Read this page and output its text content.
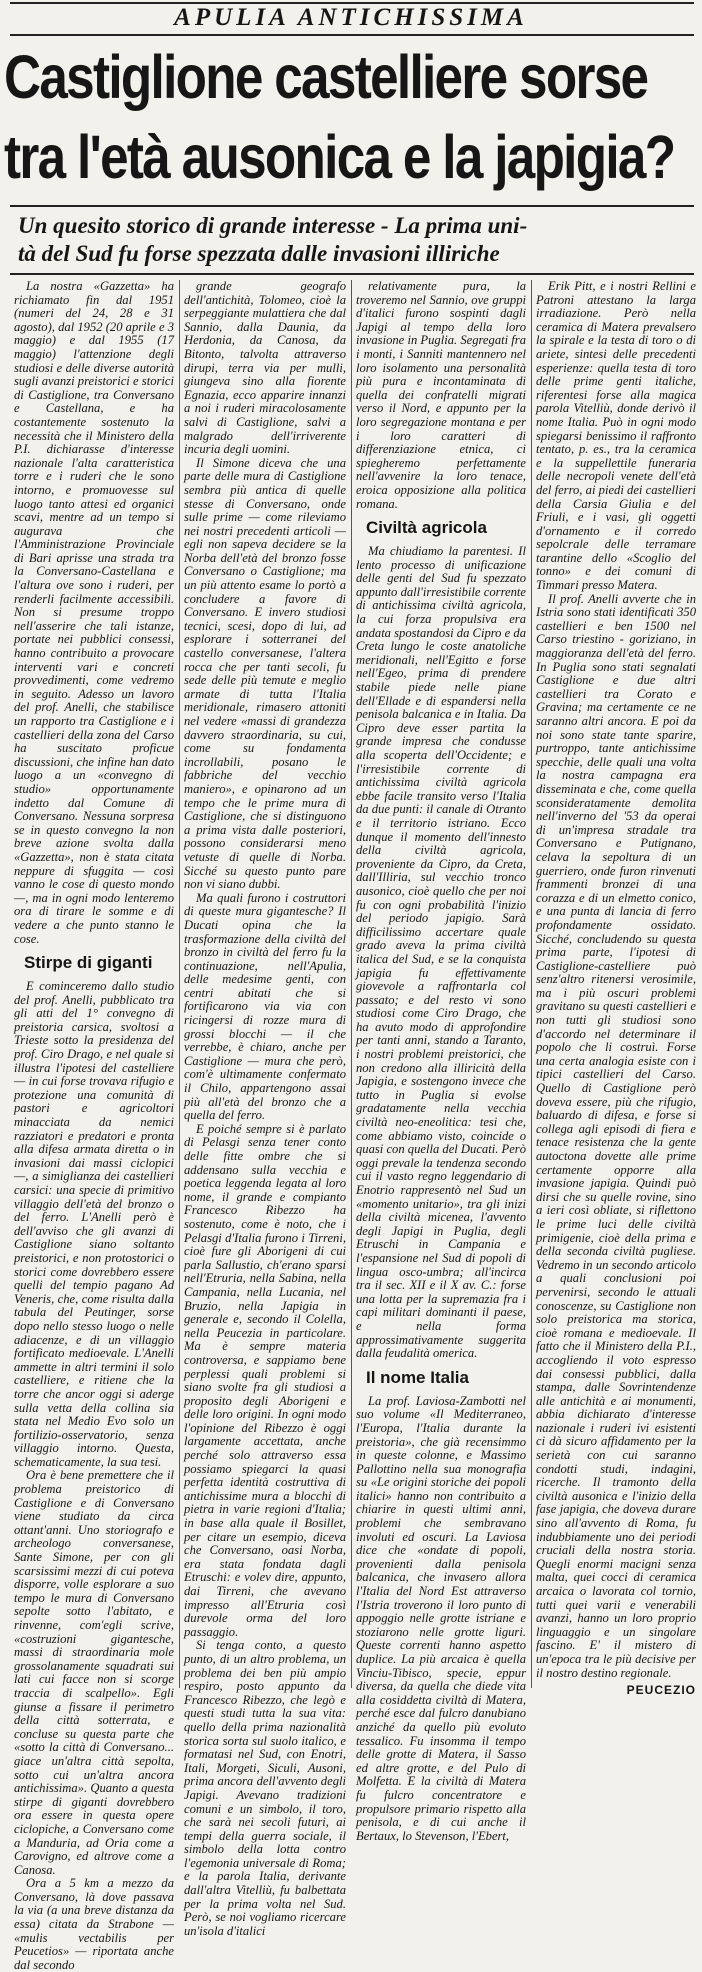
APULIA ANTICHISSIMA
Castiglione castelliere sorse
tra l'età ausonica e la japigia?
Un quesito storico di grande interesse - La prima uni-
tà del Sud fu forse spezzata dalle invasioni illiriche

La nostra «Gazzetta» ha richiamato fin dal 1951 (numeri del 24, 28 e 31 agosto), dal 1952 (20 aprile e 3 maggio) e dal 1955 (17 maggio) l'attenzione degli studiosi e delle diverse autorità sugli avanzi preistorici e storici di Castiglione, tra Conversano e Castellana, e ha costantemente sostenuto la necessità che il Ministero della P.I. dichiarasse d'interesse nazionale l'alta caratteristica torre e i ruderi che le sono intorno, e promuovesse sul luogo tanto attesi ed organici scavi, mentre ad un tempo si auguravа che l'Amministrazione Provinciale di Bari aprisse una strada tra la Conversano-Castellana e l'altura ove sono i ruderi, per renderli facilmente accessibili. Non si presume troppo nell'asserire che tali istanze, portate nei pubblici consessi, hanno contribuito a provocare interventi vari e concreti provvedimenti, come vedremo in seguito. Adesso un lavoro del prof. Anelli, che stabilisce un rapporto tra Castiglione e i castellieri della zona del Carso ha suscitato proficue discussioni, che infine han dato luogo a un «convegno di studio» opportunamente indetto dal Comune di Conversano. Nessuna sorpresa se in questo convegno la non breve azione svolta dalla «Gazzetta», non è stata citata neppure di sfuggita — così vanno le cose di questo mondo —, ma in ogni modo lenteremo ora di tirare le somme e di vedere a che punto stanno le cose.

Stirpe di giganti

E cominceremo dallo studio del prof. Anelli, pubblicato tra gli atti del 1° convegno di preistoria carsica, svoltosi a Trieste sotto la presidenza del prof. Ciro Drago, e nel quale si illustra l'ipotesi del castelliere — in cui forse trovava rifugio e protezione una comunità di pastori e agricoltori minacciata da nemici razziatori e predatori e pronta alla difesa armata diretta o in invasioni dai massi ciclopici —, a simiglianza dei castellieri carsici: una specie di primitivo villaggio dell'età del bronzo o del ferro. L'Anelli però è dell'avviso che gli avanzi di Castiglione siano soltanto preistorici, e non protostorici o storici come dovrebbero essere quelli del tempio pagano Ad Veneris, che, come risulta dalla tabula del Peutinger, sorse dopo nello stesso luogo o nelle adiacenze, e di un villaggio fortificato medioevale. L'Anelli ammette in altri termini il solo castelliere, e ritiene che la torre che ancor oggi si aderge sulla vetta della collina sia stata nel Medio Evo solo un fortilizio-osservatorio, senza villaggio intorno. Questa, schematicamente, la sua tesi.

Ora è bene premettere che il problema preistorico di Castiglione e di Conversano viene studiato da circa ottant'anni. Uno storiografo e archeologo conversanese, Sante Simone, per con gli scarsissimi mezzi di cui poteva disporre, volle esplorare a suo tempo le mura di Conversano sepolte sotto l'abitato, e rinvenne, com'egli scrive, «costruzioni gigantesche, massi di straordinaria mole grossolanamente squadrati sui lati cui facce non si scorge traccia di scalpello». Egli giunse a fissare il perimetro della città sotterrata, e concluse su questa parte che «sotto la città di Conversano... giace un'altra città sepolta, sotto cui un'altra ancora antichissima». Quanto a questa stirpe di giganti dovrebbero ora essere in questa opere ciclopiche, a Conversano come a Manduria, ad Oria come a Carovigno, ed altrove come a Canosa.

Ora a 5 km a mezzo da Conversano, là dove passava la via (a una breve distanza da essa) citata da Strabone — «mulis vectabilis per Peucetios» — riportata anche dal secondo

grande geografo dell'antichità, Tolomeo, cioè la serpeggiante mulattiera che dal Sannio, dalla Daunia, da Herdonia, da Canosa, da Bitonto, talvolta attraverso dirupi, terra via per mulli, giungeva sino alla fiorente Egnazia, ecco apparire innanzi a noi i ruderi miracolosamente salvi di Castiglione, salvi a malgrado dell'irriverente incuria degli uomini.

Il Simone diceva che una parte delle mura di Castiglione sembra più antica di quelle stesse di Conversano, onde sulle prime — come rileviamo nei nostri precedenti articoli — egli non sapeva decidere se la Norba dell'età del bronzo fosse Conversano o Castiglione; ma un più attento esame lo portò a concludere a favore di Conversano. E invero studiosi tecnici, scesi, dopo di lui, ad esplorare i sotterranei del castello conversanese, l'altera rocca che per tanti secoli, fu sede delle più temute e meglio armate di tutta l'Italia meridionale, rimasero attoniti nel vedere «massi di grandezza davvero straordinaria, su cui, come su fondamenta incrollabili, posano le fabbriche del vecchio maniero», e opinarono ad un tempo che le prime mura di Castiglione, che si distinguono a prima vista dalle posteriori, possono considerarsi meno vetuste di quelle di Norba. Sicché su questo punto pare non vi siano dubbi.

Ma quali furono i costruttori di queste mura gigantesche? Il Ducati opina che la trasformazione della civiltà del bronzo in civiltà del ferro fu la continuazione, nell'Apulia, delle medesime genti, con centri abitati che si fortificarono via via con ricingersi di rozze mura di grossi blocchi — il che verrebbe, è chiaro, anche per Castiglione — mura che però, com'è ultimamente confermato il Chilo, appartengono assai più all'età del bronzo che a quella del ferro.

E poiché sempre si è parlato di Pelasgi senza tener conto delle fitte ombre che si addensano sulla vecchia e poetica leggenda legata al loro nome, il grande e compianto Francesco Ribezzo ha sostenuto, come è noto, che i Pelasgi d'Italia furono i Tirreni, cioè fure gli Aborigeni di cui parla Sallustio, ch'erano sparsi nell'Etruria, nella Sabina, nella Campania, nella Lucania, nel Bruzio, nella Japigia in generale e, secondo il Colella, nella Peucezia in particolare. Ma è sempre materia controversa, e sappiamo bene perplessi quali problemi si siano svolte fra gli studiosi a proposito degli Aborigeni e delle loro origini. In ogni modo l'opinione del Ribezzo è oggi largamente accettata, anche perché solo attraverso essa possiamo spiegarci la quasi perfetta identità costruttiva di antichissime mura a blocchi di pietra in varie regioni d'Italia; in base alla quale il Bosillet, per citare un esempio, diceva che Conversano, oasi Norba, era stata fondata dagli Etruschi: e volev dire, appunto, dai Tirreni, che avevano impresso all'Etruria così durevole orma del loro passaggio.

Si tenga conto, a questo punto, di un altro problema, un problema dei ben più ampio respiro, posto appunto da Francesco Ribezzo, che legò e questi studi tutta la sua vita: quello della prima nazionalità storica sorta sul suolo italico, e formatasi nel Sud, con Enotri, Itali, Morgeti, Siculi, Ausoni, prima ancora dell'avvento degli Japigi. Avevano tradizioni comuni e un simbolo, il toro, che sarà nei secoli futuri, ai tempi della guerra sociale, il simbolo della lotta contro l'egemonia universale di Roma; e la parola Italia, derivante dall'altra Vitelliù, fu balbettata per la prima volta nel Sud. Però, se noi vogliamo ricercare un'isola d'italici

relativamente pura, la troveremo nel Sannio, ove gruppi d'italici furono sospinti dagli Japigi al tempo della loro invasione in Puglia. Segregati fra i monti, i Sanniti mantennero nel loro isolamento una personalità più pura e incontaminata di quella dei confratelli migrati verso il Nord, e appunto per la loro segregazione montana e per i loro caratteri di differenziazione etnica, ci spiegheremo perfettamente nell'avvenire la loro tenace, eroica opposizione alla politica romana.

Civiltà agricola

Ma chiudiamo la parentesi. Il lento processo di unificazione delle genti del Sud fu spezzato appunto dall'irresistibile corrente di antichissima civiltà agricola, la cui forza propulsiva era andata spostandosi da Cipro e da Creta lungo le coste anatoliche meridionali, nell'Egitto e forse nell'Egeo, prima di prendere stabile piede nelle piane dell'Ellade e di espandersi nella penisola balcanica e in Italia. Da Cipro deve esser partita la grande impresa che condusse alla scoperta dell'Occidente; e l'irresistibile corrente di antichissima civiltà agricola ebbe facile transito verso l'Italia da due punti: il canale di Otranto e il territorio istriano. Ecco dunque il momento dell'innesto della civiltà agricola, proveniente da Cipro, da Creta, dall'Illiria, sul vecchio tronco ausonico, cioè quello che per noi fu con ogni probabilità l'inizio del periodo japigio. Sarà difficilissimo accertare quale grado aveva la prima civiltà italica del Sud, e se la conquista japigia fu effettivamente giovevole a raffrontarla col passato; e del resto vi sono studiosi come Ciro Drago, che ha avuto modo di approfondire per tanti anni, stando a Taranto, i nostri problemi preistorici, che non credono alla illiricità della Japigia, e sostengono invece che tutto in Puglia si evolse gradatamente nella vecchia civiltà neo-eneolitica: tesi che, come abbiamo visto, coincide o quasi con quella del Ducati. Però oggi prevale la tendenza secondo cui il vasto regno leggendario di Enotrio rappresentò nel Sud un «momento unitario», tra gli inizi della civiltà micenea, l'avvento degli Japigi in Puglia, degli Etruschi in Campania e l'espansione nel Sud di popoli di lingua osco-umbra; all'incirca tra il sec. XII e il X av. C.: forse una lotta per la supremazia fra i capi militari dominanti il paese, e nella forma approssimativamente suggerita dalla feudalità omerica.

Il nome Italia

La prof. Laviosa-Zambotti nel suo volume «Il Mediterraneo, l'Europa, l'Italia durante la preistoria», che già recensimmo in queste colonne, e Massimo Pallottino nella sua monografia su «Le origini storiche dei popoli italici» hanno non contribuito a chiarire in questi ultimi anni, problemi che sembravano involuti ed oscuri. La Laviosa dice che «ondate di popoli, provenienti dalla penisola balcanica, che invasero allora l'Italia del Nord Est attraverso l'Istria troverono il loro punto di appoggio nelle grotte istriane e stoziarono nelle grotte liguri. Queste correnti hanno aspetto duplice. La più arcaica è quella Vinciu-Tibisco, specie, eppur diversa, da quella che diede vita alla cosiddetta civiltà di Matera, perché esce dal fulcro danubiano anziché da quello più evoluto tessalico. Fu insomma il tempo delle grotte di Matera, il Sasso ed altre grotte, e del Pulo di Molfetta. E la civiltà di Matera fu fulcro concentratore e propulsore primario rispetto alla penisola, e di cui anche il Bertaux, lo Stevenson, l'Ebert,

Erik Pitt, e i nostri Rellini e Patroni attestano la larga irradiazione. Però nella ceramica di Matera prevalsero la spirale e la testa di toro o di ariete, sintesi delle precedenti esperienze: quella testa di toro delle prime genti italiche, riferentesi forse alla magica parola Vitelliù, donde derivò il nome Italia. Può in ogni modo spiegarsi benissimo il raffronto tentato, p. es., tra la ceramica e la suppellettile funeraria delle necropoli venete dell'età del ferro, ai piedi dei castellieri della Carsia Giulia e del Friuli, e i vasi, gli oggetti d'ornamento e il corredo sepolcrale delle terramare tarantine dello «Scoglio del tonno» e dei comuni di Timmari presso Matera.

Il prof. Anelli avverte che in Istria sono stati identificati 350 castellieri e ben 1500 nel Carso triestino - goriziano, in maggioranza dell'età del ferro. In Puglia sono stati segnalati Castiglione e due altri castellieri tra Corato e Gravina; ma certamente ce ne saranno altri ancora. E poi da noi sono state tante sparire, purtroppo, tante antichissime specchie, delle quali una volta la nostra campagna era disseminata e che, come quella sconsideratamente demolita nell'inverno del '53 da operai di un'impresa stradale tra Conversano e Putignano, celava la sepoltura di un guerriero, onde furon rinvenuti frammenti bronzei di una corazza e di un elmetto conico, e una punta di lancia di ferro profondamente ossidato. Sicché, concludendo su questa prima parte, l'ipotesi di Castiglione-castelliere può senz'altro ritenersi verosimile, ma i più oscuri problemi gravitano su questi castellieri e non tutti gli studiosi sono d'accordo nel determinare il popolo che li costruì. Forse una certa analogia esiste con i tipici castellieri del Carso. Quello di Castiglione però doveva essere, più che rifugio, baluardo di difesa, e forse si collega agli episodi di fiera e tenace resistenza che la gente autoctona dovette alle prime certamente opporre alla invasione japigia. Quindi può dirsi che su quelle rovine, sino a ieri così obliate, si riflettono le prime luci delle civiltà primigenie, cioè della prima e della seconda civiltà pugliese. Vedremo in un secondo articolo a quali conclusioni poi pervenirsi, secondo le attuali conoscenze, su Castiglione non solo preistorica ma storica, cioè romana e medioevale. Il fatto che il Ministero della P.I., accogliendo il voto espresso dai consessi pubblici, dalla stampa, dalle Sovrintendenze alle antichità e ai monumenti, abbia dichiarato d'interesse nazionale i ruderi ivi esistenti ci dà sicuro affidamento per la serietà con cui saranno condotti studi, indagini, ricerche. Il tramonto della civiltà ausonica e l'inizio della fase japigia, che doveva durare sino all'avvento di Roma, fu indubbiamente uno dei periodi cruciali della nostra storia. Quegli enormi macigni senza malta, quei cocci di ceramica arcaica o lavorata col tornio, tutti quei varii e venerabili avanzi, hanno un loro proprio linguaggio e un singolare fascino. E' il mistero di un'epoca tra le più decisive per il nostro destino regionale.

PEUCEZIO
